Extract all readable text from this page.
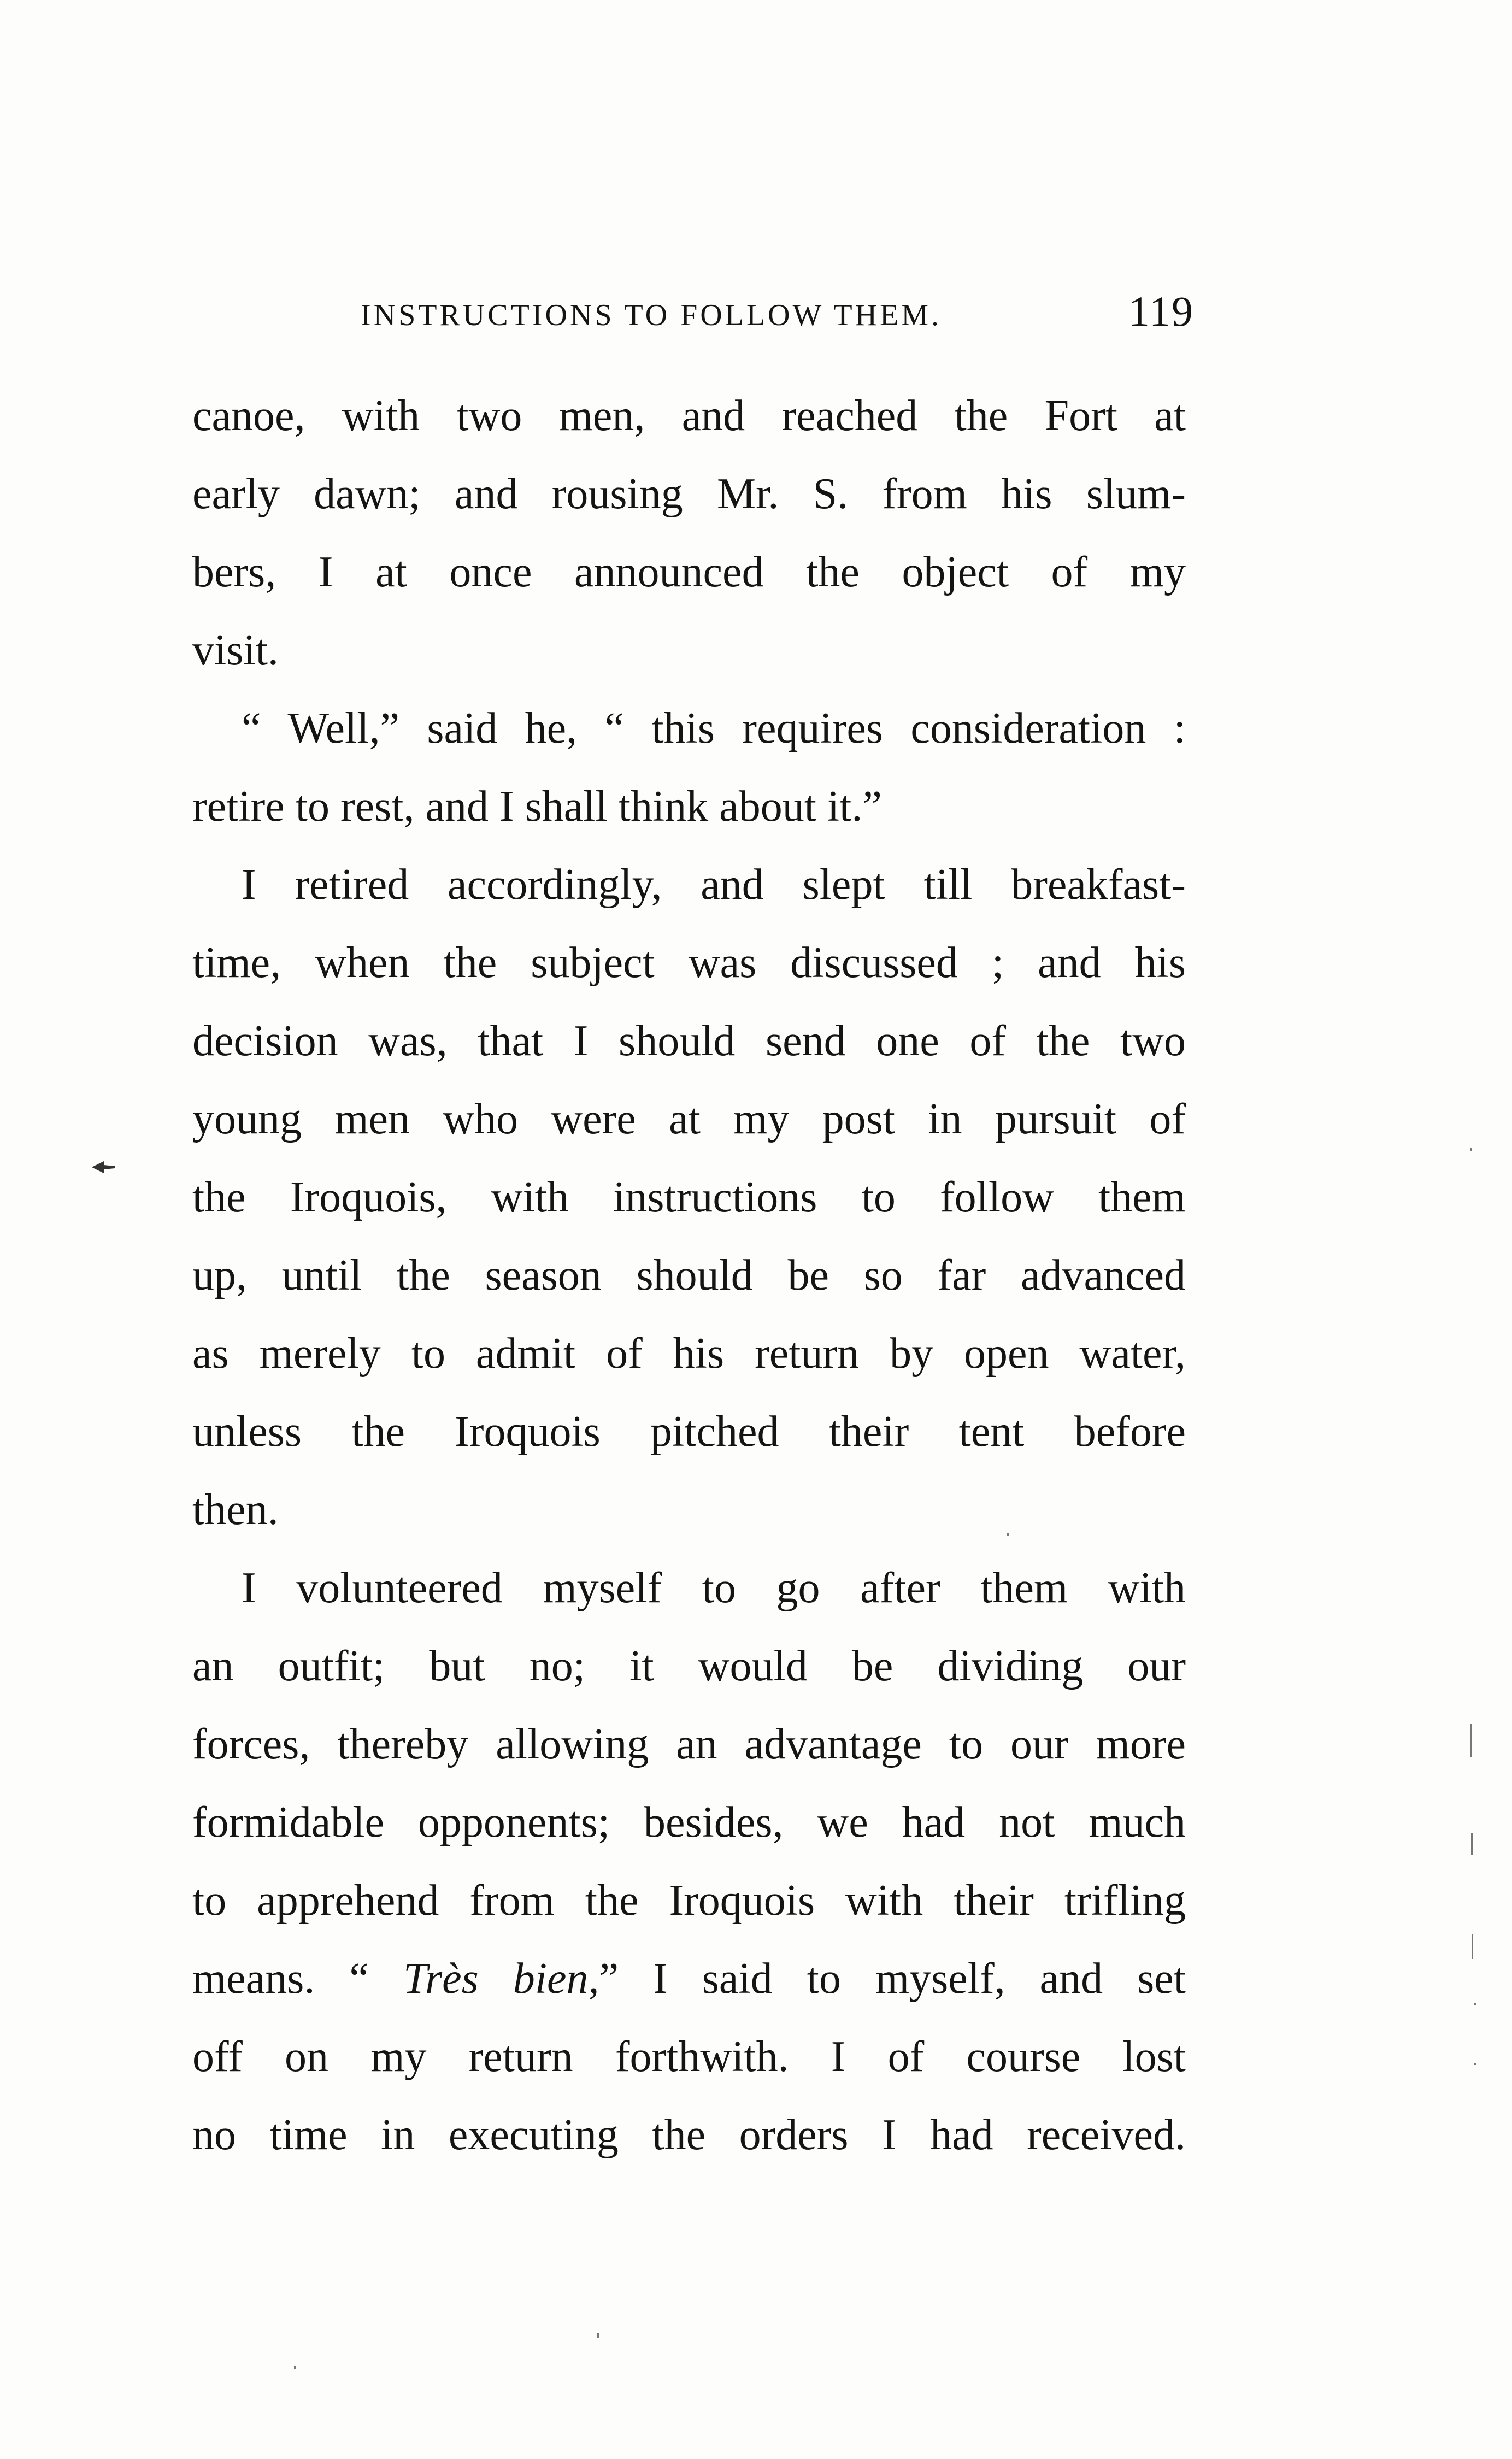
INSTRUCTIONS TO FOLLOW THEM.	119
canoe, with two men, and reached the Fort at
early dawn; and rousing Mr. S. from his slum-
bers, I at once announced the object of my
visit.
“ Well,” said he, “ this requires consideration :
retire to rest, and I shall think about it.”
I retired accordingly, and slept till breakfast-
time, when the subject was discussed ; and his
decision was, that I should send one of the two
young men who were at my post in pursuit of
the Iroquois, with instructions to follow them
up, until the season should be so far advanced
as merely to admit of his return by open water,
unless the Iroquois pitched their tent before
then.
I volunteered myself to go after them with
an outfit; but no; it would be dividing our
forces, thereby allowing an advantage to our more
formidable opponents; besides, we had not much
to apprehend from the Iroquois with their trifling
means. “ Très bien,” I said to myself, and set
off on my return forthwith. I of course lost
no time in executing the orders I had received.
